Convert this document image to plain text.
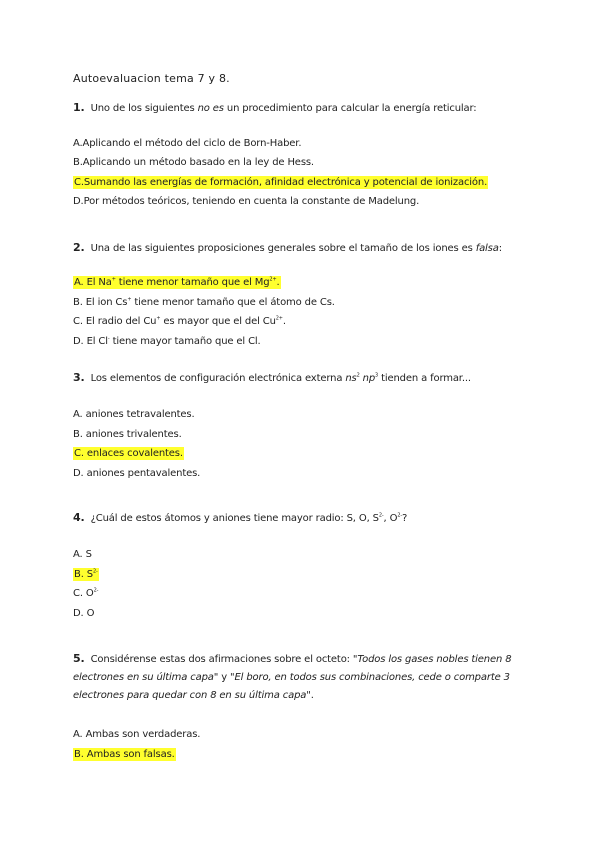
Autoevaluacion tema 7 y 8.
1. Uno de los siguientes no es un procedimiento para calcular la energía reticular:
A.Aplicando el método del ciclo de Born-Haber.
B.Aplicando un método basado en la ley de Hess.
C.Sumando las energías de formación, afinidad electrónica y potencial de ionización.
D.Por métodos teóricos, teniendo en cuenta la constante de Madelung.
2. Una de las siguientes proposiciones generales sobre el tamaño de los iones es falsa:
A. El Na+ tiene menor tamaño que el $Mg^{2+}$.
B. El ion Cs+ tiene menor tamaño que el átomo de Cs.
C. El radio del Cu+ es mayor que el del $Cu^{2+}$.
D. El Cl- tiene mayor tamaño que el Cl.
3. Los elementos de configuración electrónica externa $ns^2$ $np^3$ tienden a formar...
A. aniones tetravalentes.
B. aniones trivalentes.
C. enlaces covalentes.
D. aniones pentavalentes.
4. ¿Cuál de estos átomos y aniones tiene mayor radio: S, O, $S^{2-}$, $O^{2-}$?
A. S
B. $S^{2-}$
C. $O^{2-}$
D. O
5. Considérense estas dos afirmaciones sobre el octeto: "Todos los gases nobles tienen 8 electrones en su última capa" y "El boro, en todos sus combinaciones, cede o comparte 3 electrones para quedar con 8 en su última capa".
A. Ambas son verdaderas.
B. Ambas son falsas.
